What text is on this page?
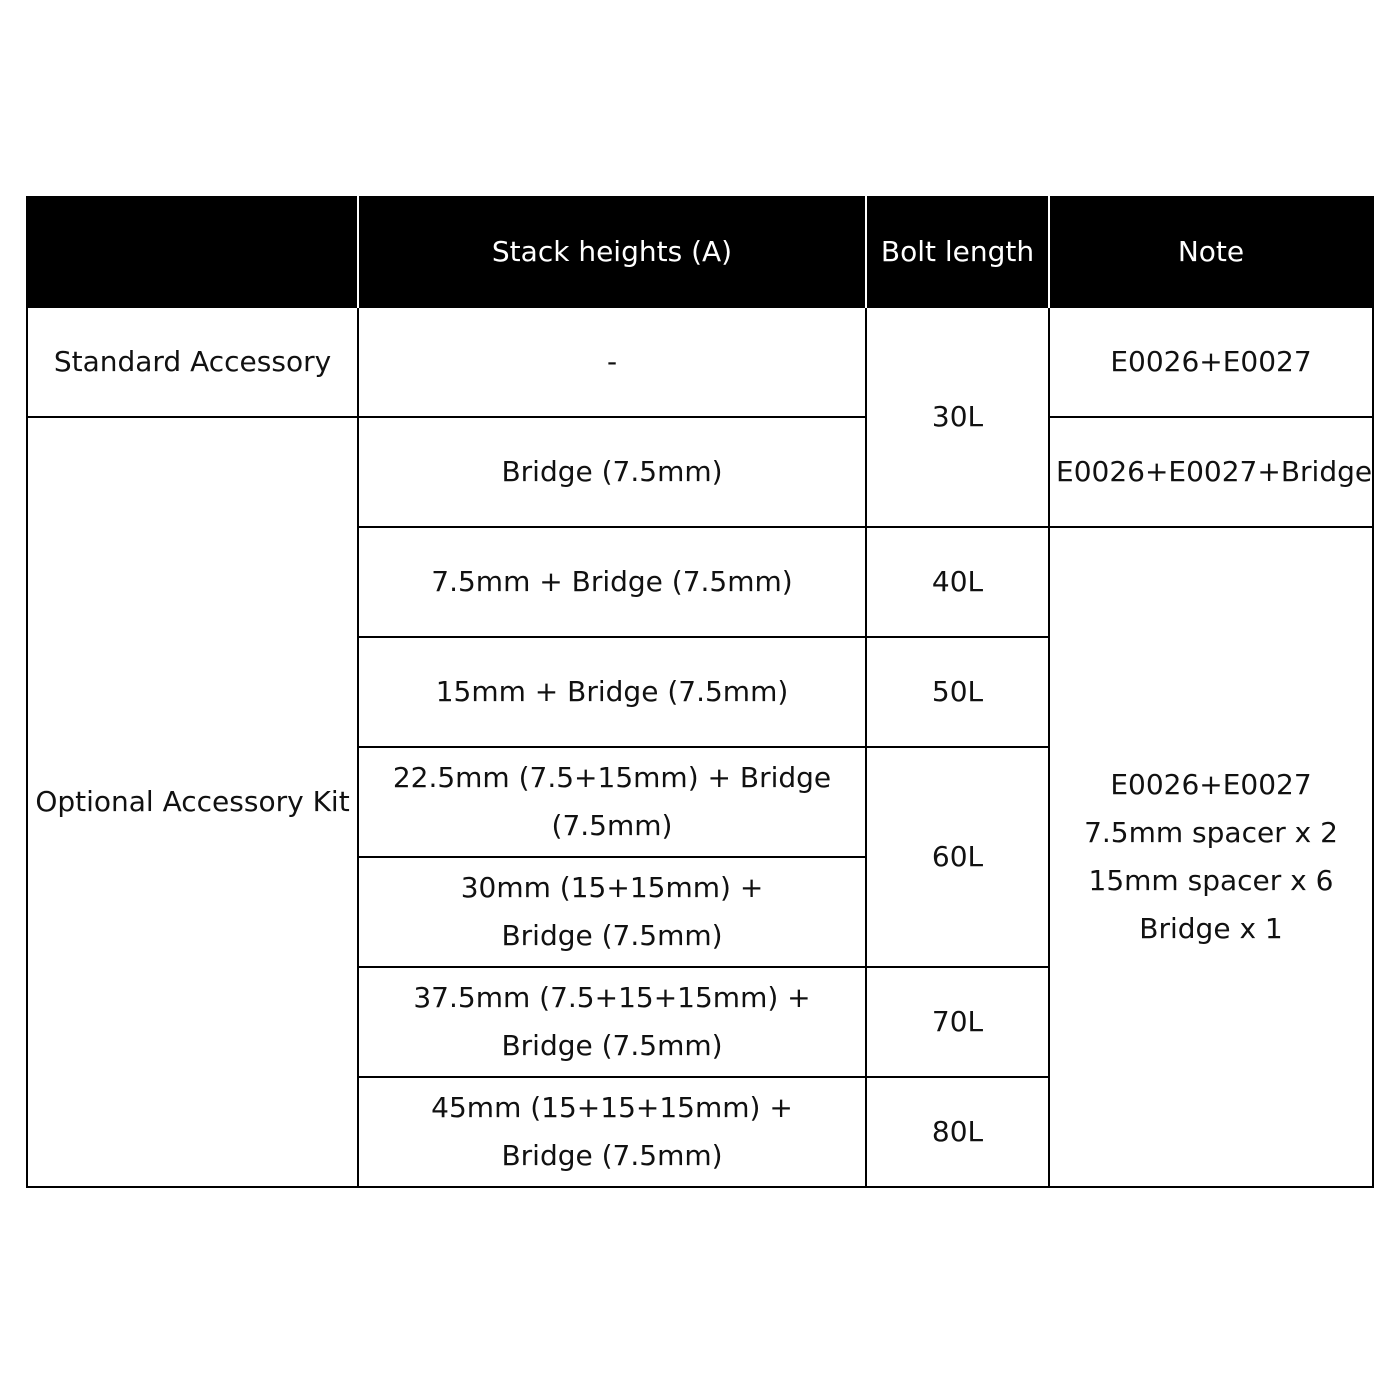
	Stack heights (A)	Bolt length	Note
Standard Accessory	-	30L	E0026+E0027

Optional Accessory Kit	Bridge (7.5mm)		E0026+E0027+Bridge

	7.5mm + Bridge (7.5mm)	40L	E0026+E0027
7.5mm spacer x 2
15mm spacer x 6
Bridge x 1

	15mm + Bridge (7.5mm)	50L	

	22.5mm (7.5+15mm) + Bridge
(7.5mm)	60L	

	30mm (15+15mm) +
Bridge (7.5mm)		

	37.5mm (7.5+15+15mm) +
Bridge (7.5mm)	70L	

	45mm (15+15+15mm) +
Bridge (7.5mm)	80L	
